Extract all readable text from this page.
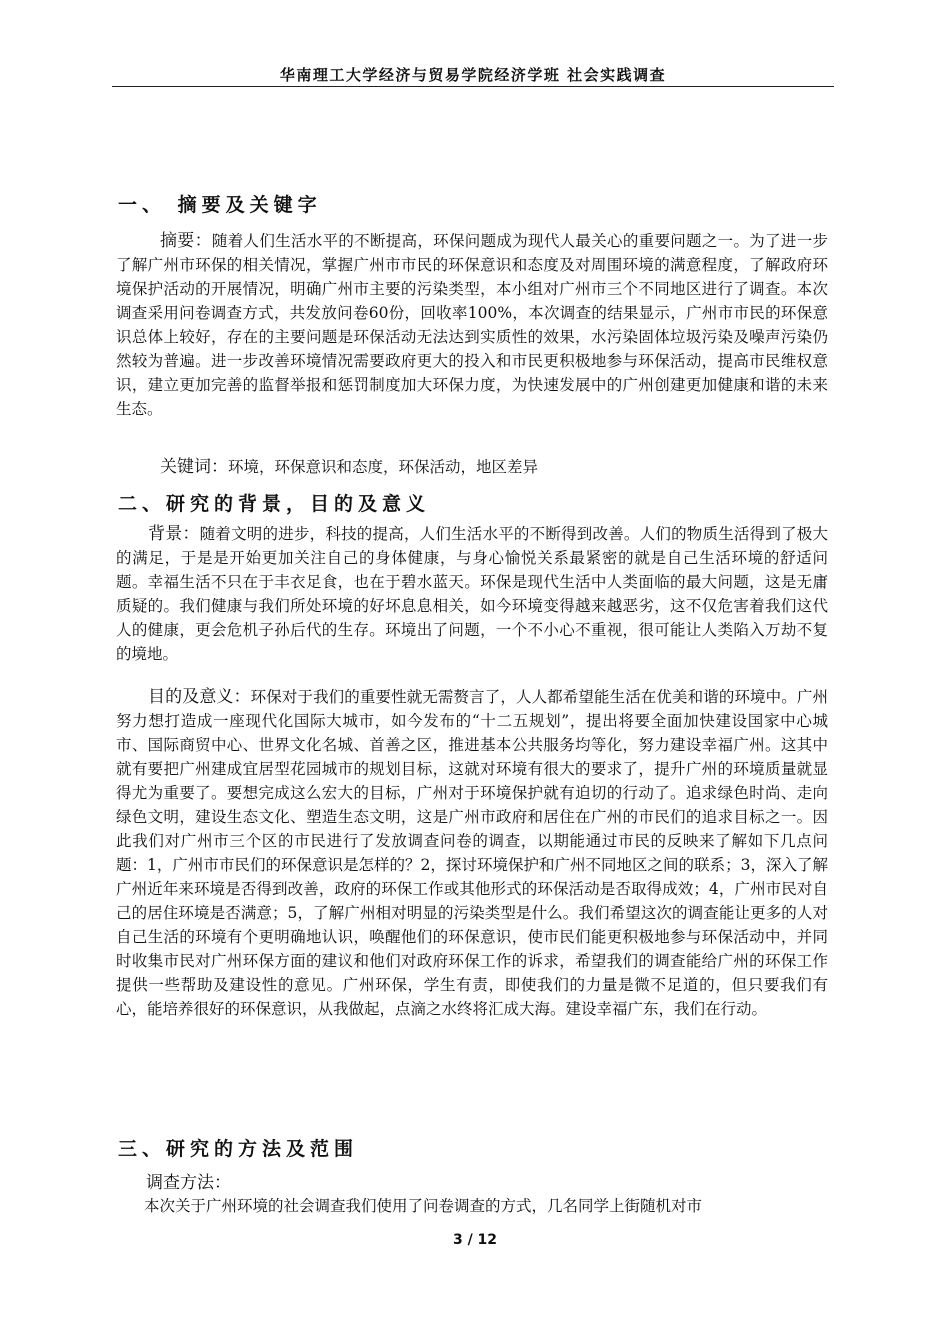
华南理工大学经济与贸易学院经济学班 社会实践调查
一、 摘要及关键字
摘要：随着人们生活水平的不断提高，环保问题成为现代人最关心的重要问题之一。为了进一步了解广州市环保的相关情况，掌握广州市市民的环保意识和态度及对周围环境的满意程度，了解政府环境保护活动的开展情况，明确广州市主要的污染类型，本小组对广州市三个不同地区进行了调查。本次调查采用问卷调查方式，共发放问卷60份，回收率100%，本次调查的结果显示，广州市市民的环保意识总体上较好，存在的主要问题是环保活动无法达到实质性的效果，水污染固体垃圾污染及噪声污染仍然较为普遍。进一步改善环境情况需要政府更大的投入和市民更积极地参与环保活动，提高市民维权意识，建立更加完善的监督举报和惩罚制度加大环保力度，为快速发展中的广州创建更加健康和谐的未来生态。
关键词：环境，环保意识和态度，环保活动，地区差异
二、研究的背景，目的及意义
背景：随着文明的进步，科技的提高，人们生活水平的不断得到改善。人们的物质生活得到了极大的满足，于是是开始更加关注自己的身体健康，与身心愉悦关系最紧密的就是自己生活环境的舒适问题。幸福生活不只在于丰衣足食，也在于碧水蓝天。环保是现代生活中人类面临的最大问题，这是无庸质疑的。我们健康与我们所处环境的好坏息息相关，如今环境变得越来越恶劣，这不仅危害着我们这代人的健康，更会危机子孙后代的生存。环境出了问题，一个不小心不重视，很可能让人类陷入万劫不复的境地。
目的及意义：环保对于我们的重要性就无需赘言了，人人都希望能生活在优美和谐的环境中。广州努力想打造成一座现代化国际大城市，如今发布的“十二五规划”，提出将要全面加快建设国家中心城市、国际商贸中心、世界文化名城、首善之区，推进基本公共服务均等化，努力建设幸福广州。这其中就有要把广州建成宜居型花园城市的规划目标，这就对环境有很大的要求了，提升广州的环境质量就显得尤为重要了。要想完成这么宏大的目标，广州对于环境保护就有迫切的行动了。追求绿色时尚、走向绿色文明，建设生态文化、塑造生态文明，这是广州市政府和居住在广州的市民们的追求目标之一。因此我们对广州市三个区的市民进行了发放调查问卷的调查，以期能通过市民的反映来了解如下几点问题：1，广州市市民们的环保意识是怎样的？2，探讨环境保护和广州不同地区之间的联系；3，深入了解广州近年来环境是否得到改善，政府的环保工作或其他形式的环保活动是否取得成效；4，广州市民对自己的居住环境是否满意；5，了解广州相对明显的污染类型是什么。我们希望这次的调查能让更多的人对自己生活的环境有个更明确地认识，唤醒他们的环保意识，使市民们能更积极地参与环保活动中，并同时收集市民对广州环保方面的建议和他们对政府环保工作的诉求，希望我们的调查能给广州的环保工作提供一些帮助及建设性的意见。广州环保，学生有责，即使我们的力量是微不足道的，但只要我们有心，能培养很好的环保意识，从我做起，点滴之水终将汇成大海。建设幸福广东，我们在行动。
三、研究的方法及范围
调查方法：
本次关于广州环境的社会调查我们使用了问卷调查的方式，几名同学上街随机对市
3 / 12
